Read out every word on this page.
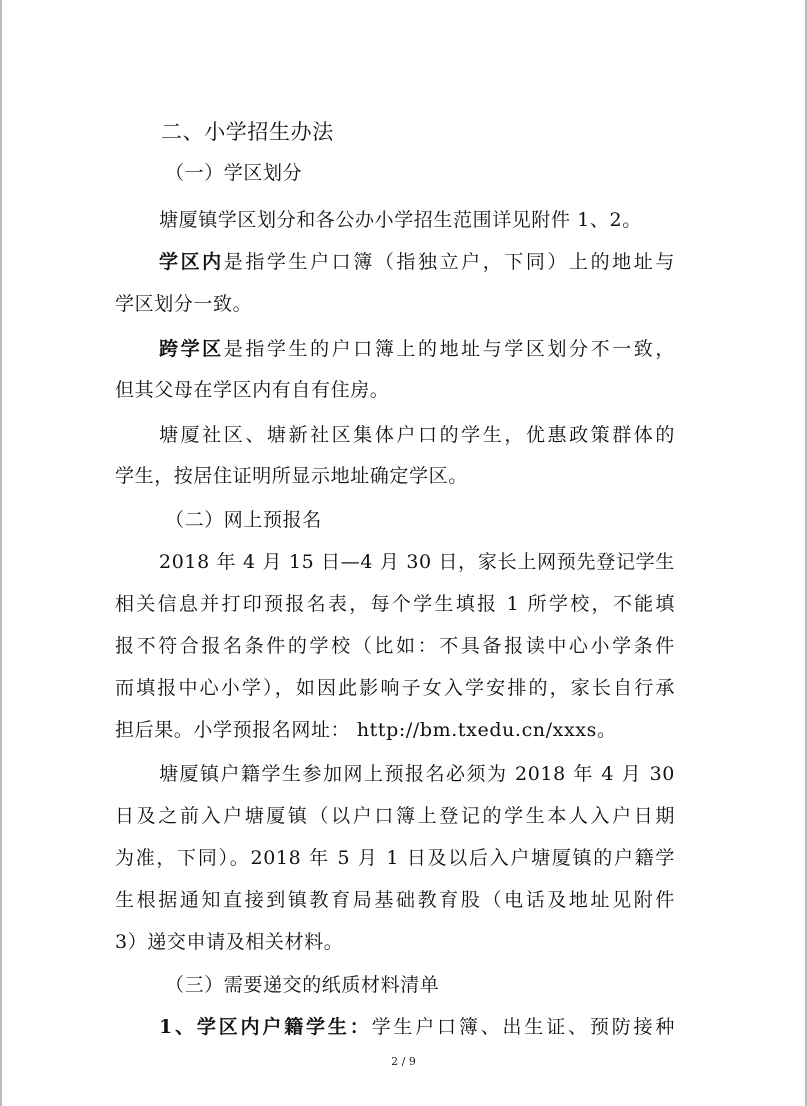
二、小学招生办法
（一）学区划分
塘厦镇学区划分和各公办小学招生范围详见附件 1、2。
学区内是指学生户口簿（指独立户，下同）上的地址与
学区划分一致。
跨学区是指学生的户口簿上的地址与学区划分不一致，
但其父母在学区内有自有住房。
塘厦社区、塘新社区集体户口的学生，优惠政策群体的
学生，按居住证明所显示地址确定学区。
（二）网上预报名
2018 年 4 月 15 日—4 月 30 日，家长上网预先登记学生
相关信息并打印预报名表，每个学生填报 1 所学校，不能填
报不符合报名条件的学校（比如：不具备报读中心小学条件
而填报中心小学），如因此影响子女入学安排的，家长自行承
担后果。小学预报名网址： http://bm.txedu.cn/xxxs。
塘厦镇户籍学生参加网上预报名必须为 2018 年 4 月 30
日及之前入户塘厦镇（以户口簿上登记的学生本人入户日期
为准，下同）。2018 年 5 月 1 日及以后入户塘厦镇的户籍学
生根据通知直接到镇教育局基础教育股（电话及地址见附件
3）递交申请及相关材料。
（三）需要递交的纸质材料清单
1、学区内户籍学生：学生户口簿、出生证、预防接种
2 / 9
